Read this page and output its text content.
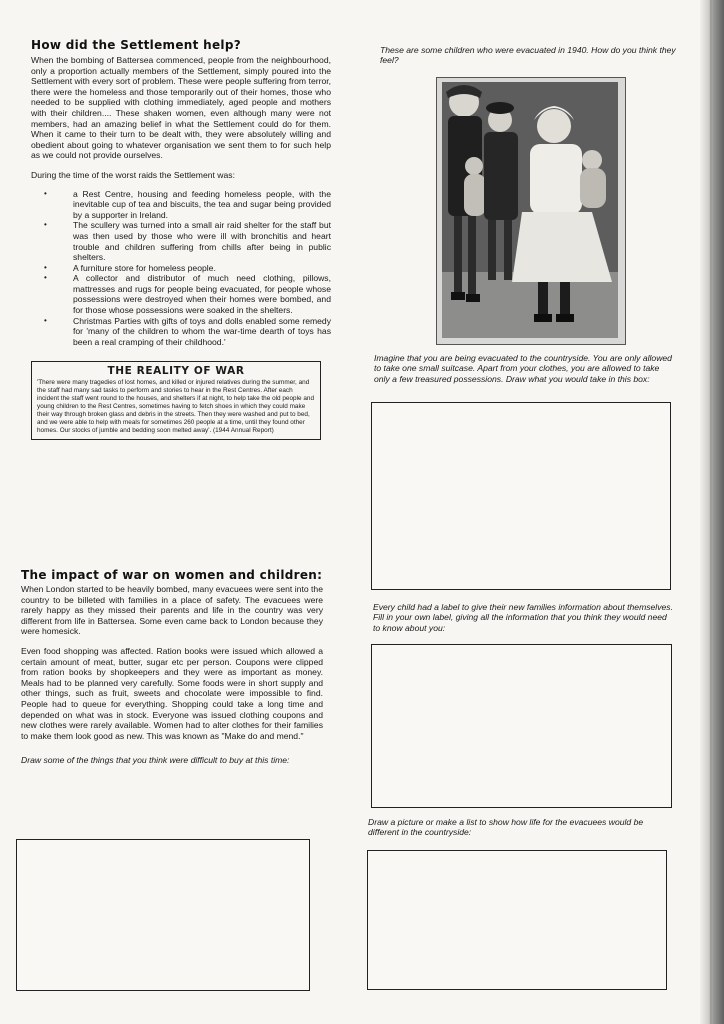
How did the Settlement help?

When the bombing of Battersea commenced, people from the neighbourhood, only a proportion actually members of the Settlement, simply poured into the Settlement with every sort of problem. These were people suffering from terror, there were the homeless and those temporarily out of their homes, those who needed to be supplied with clothing immediately, aged people and mothers with their children.... These shaken women, even although many were not members, had an amazing belief in what the Settlement could do for them. When it came to their turn to be dealt with, they were absolutely willing and obedient about going to whatever organisation we sent them to for such help as we could not provide ourselves.

During the time of the worst raids the Settlement was:

•	a Rest Centre, housing and feeding homeless people, with the inevitable cup of tea and biscuits, the tea and sugar being provided by a supporter in Ireland.
•	The scullery was turned into a small air raid shelter for the staff but was then used by those who were ill with bronchitis and heart trouble and children suffering from chills after being in public shelters.
•	A furniture store for homeless people.
•	A collector and distributor of much need clothing, pillows, mattresses and rugs for people being evacuated, for people whose possessions were destroyed when their homes were bombed, and for those whose possessions were soaked in the shelters.
•	Christmas Parties with gifts of toys and dolls enabled some remedy for 'many of the children to whom the war-time dearth of toys has been a real cramping of their childhood.'
THE REALITY OF WAR

'There were many tragedies of lost homes, and killed or injured relatives during the summer, and the staff had many sad tasks to perform and stories to hear in the Rest Centres. After each incident the staff went round to the houses, and shelters if at night, to help take the old people and young children to the Rest Centres, sometimes having to fetch shoes in which they could make their way through broken glass and debris in the streets. Then they were washed and put to bed, and we were able to help with meals for sometimes 260 people at a time, until they found other homes. Our stocks of jumble and bedding soon melted away'. (1944 Annual Report)

The impact of war on women and children:

When London started to be heavily bombed, many evacuees were sent into the country to be billeted with families in a place of safety. The evacuees were rarely happy as they missed their parents and life in the country was very different from life in Battersea. Some even came back to London because they were homesick.

Even food shopping was affected. Ration books were issued which allowed a certain amount of meat, butter, sugar etc per person. Coupons were clipped from ration books by shopkeepers and they were as important as money. Meals had to be planned very carefully. Some foods were in short supply and other things, such as fruit, sweets and chocolate were impossible to find. People had to queue for everything. Shopping could take a long time and depended on what was in stock. Everyone was issued clothing coupons and new clothes were rarely available. Women had to alter clothes for their families to make them look good as new. This was known as "Make do and mend."

Draw some of the things that you think were difficult to buy at this time:

These are some children who were evacuated in 1940. How do you think they feel?

Imagine that you are being evacuated to the countryside. You are only allowed to take one small suitcase. Apart from your clothes, you are allowed to take only a few treasured possessions. Draw what you would take in this box:

Every child had a label to give their new families information about themselves. Fill in your own label, giving all the information that you think they would need to know about you:

Draw a picture or make a list to show how life for the evacuees would be different in the countryside:
